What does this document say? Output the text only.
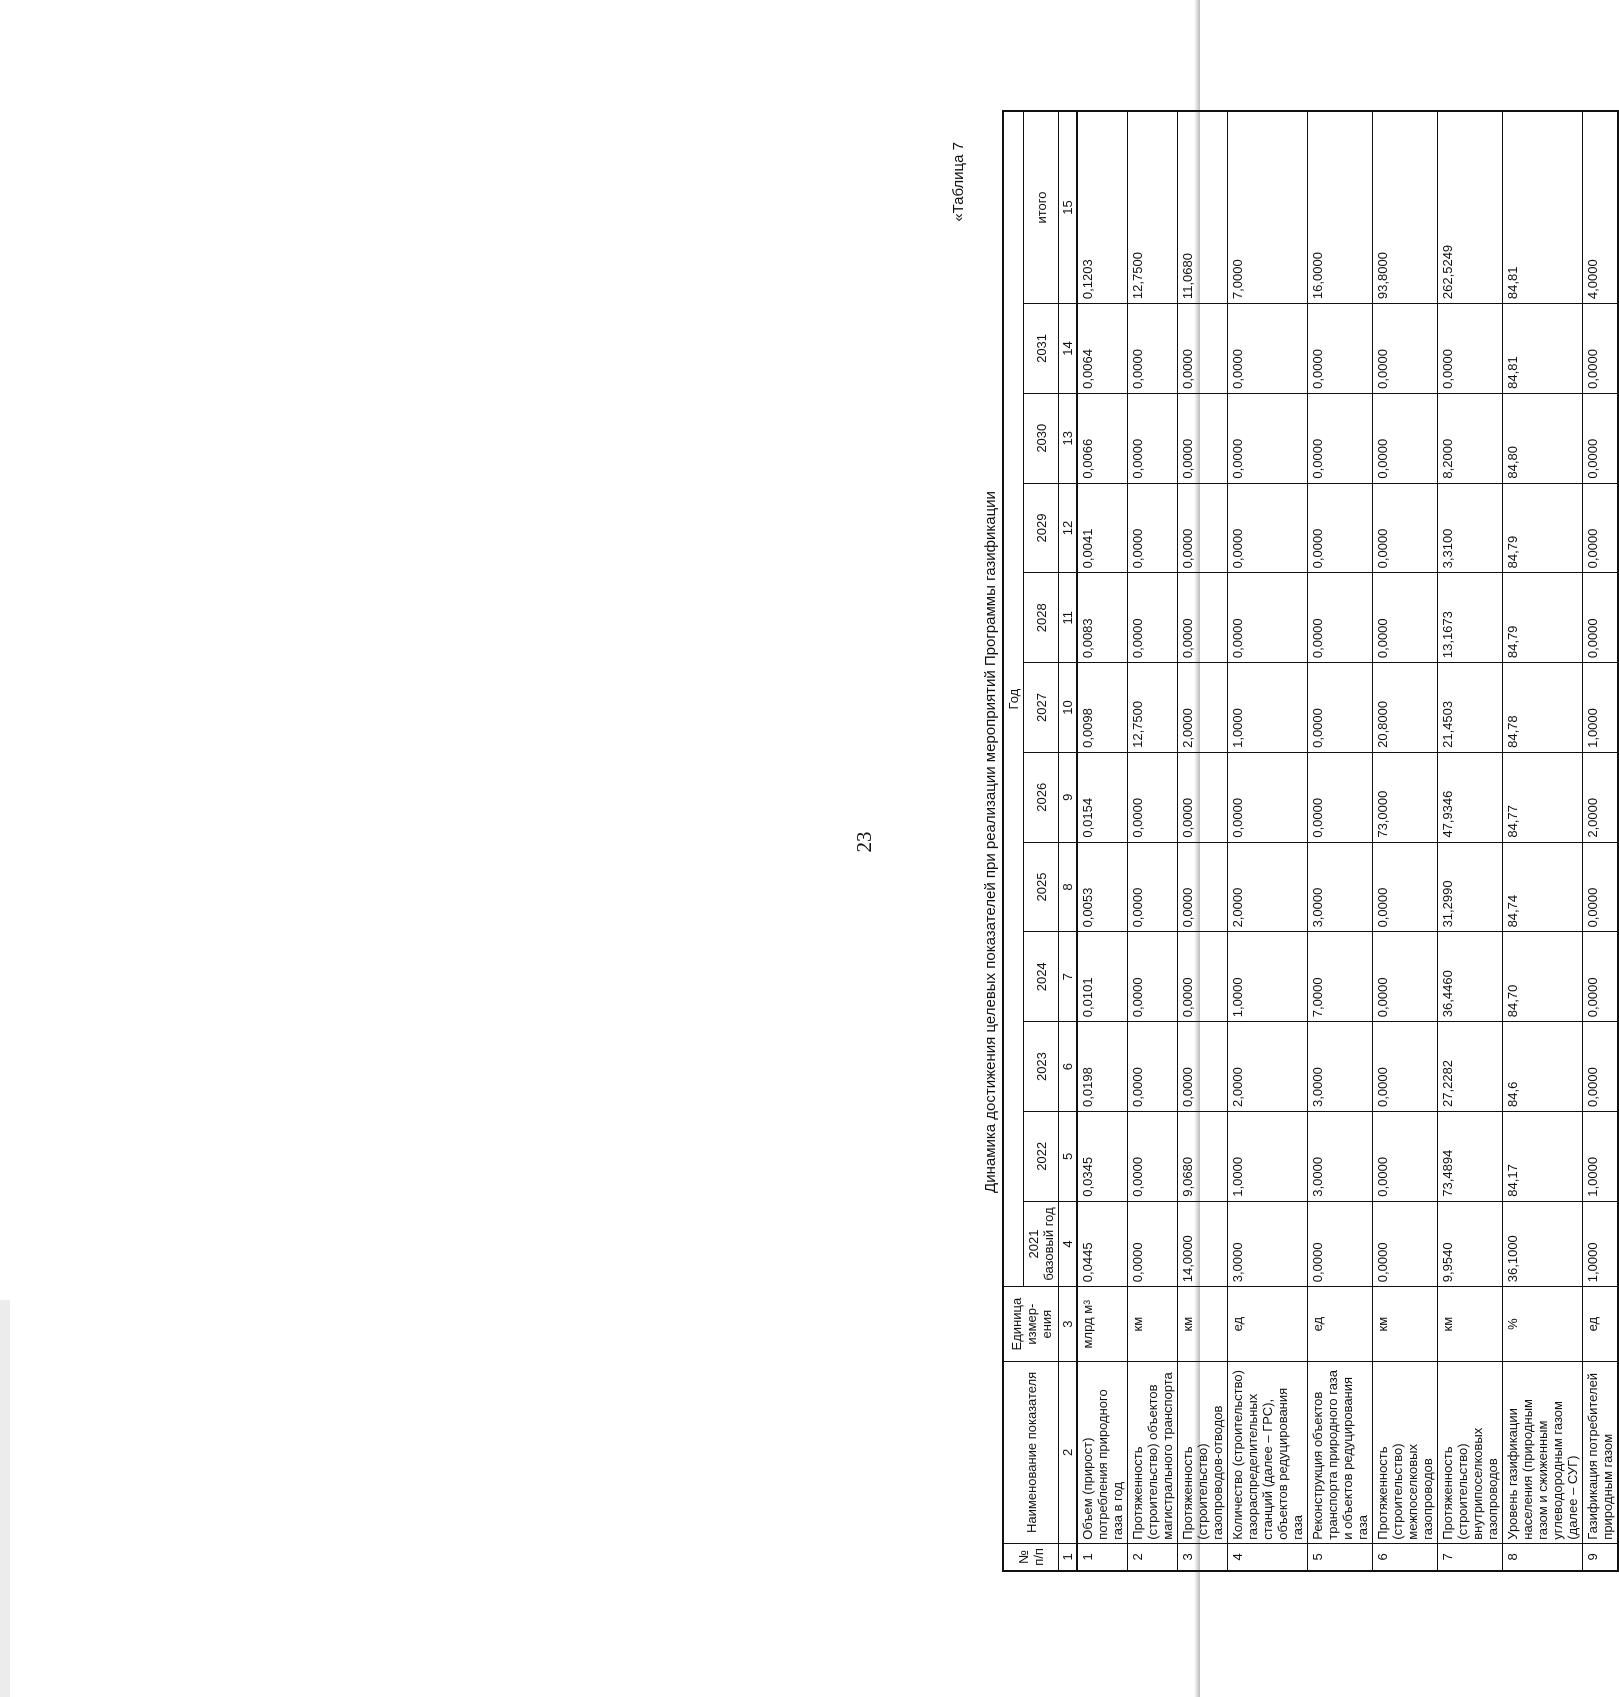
23
«Таблица 7
Динамика достижения целевых показателей при реализации мероприятий Программы газификации
№ п/п	Наименование показателя	Единица измер-ения	Год											
			2021 базовый год	2022	2023	2024	2025	2026	2027	2028	2029	2030	2031	итого
1	2	3	4	5	6	7	8	9	10	11	12	13	14	15
1	Объем (прирост) потребления природного газа в год	млрд $м^3$	0,0445	0,0345	0,0198	0,0101	0,0053	0,0154	0,0098	0,0083	0,0041	0,0066	0,0064	0,1203
2	Протяженность (строительство) объектов магистрального транспорта	км	0,0000	0,0000	0,0000	0,0000	0,0000	0,0000	12,7500	0,0000	0,0000	0,0000	0,0000	12,7500
3	Протяженность (строительство) газопроводов-отводов	км	14,0000	9,0680	0,0000	0,0000	0,0000	0,0000	2,0000	0,0000	0,0000	0,0000	0,0000	11,0680
4	Количество (строительство) газораспределительных станций (далее – ГРС), объектов редуцирования газа	ед	3,0000	1,0000	2,0000	1,0000	2,0000	0,0000	1,0000	0,0000	0,0000	0,0000	0,0000	7,0000
5	Реконструкция объектов транспорта природного газа и объектов редуцирования газа	ед	0,0000	3,0000	3,0000	7,0000	3,0000	0,0000	0,0000	0,0000	0,0000	0,0000	0,0000	16,0000
6	Протяженность (строительство) межпоселковых газопроводов	км	0,0000	0,0000	0,0000	0,0000	0,0000	73,0000	20,8000	0,0000	0,0000	0,0000	0,0000	93,8000
7	Протяженность (строительство) внутрипоселковых газопроводов	км	9,9540	73,4894	27,2282	36,4460	31,2990	47,9346	21,4503	13,1673	3,3100	8,2000	0,0000	262,5249
8	Уровень газификации населения (природным газом и сжиженным углеводородным газом (далее – СУГ)	%	36,1000	84,17	84,6	84,70	84,74	84,77	84,78	84,79	84,79	84,80	84,81	84,81
9	Газификация потребителей природным газом	ед	1,0000	1,0000	0,0000	0,0000	0,0000	2,0000	1,0000	0,0000	0,0000	0,0000	0,0000	4,0000
